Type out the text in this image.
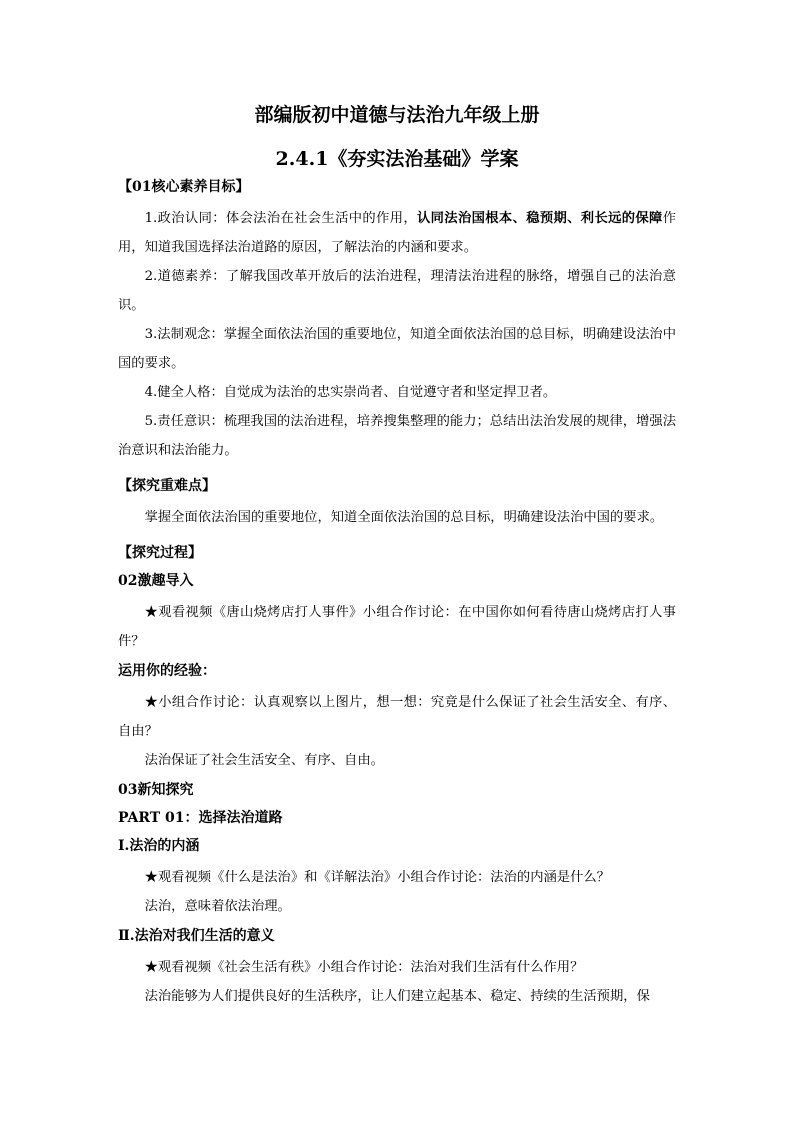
部编版初中道德与法治九年级上册

2.4.1《夯实法治基础》学案

【01核心素养目标】

1.政治认同：体会法治在社会生活中的作用，认同法治国根本、稳预期、利长远的保障作用，知道我国选择法治道路的原因，了解法治的内涵和要求。

2.道德素养：了解我国改革开放后的法治进程，理清法治进程的脉络，增强自己的法治意识。

3.法制观念：掌握全面依法治国的重要地位，知道全面依法治国的总目标，明确建设法治中国的要求。

4.健全人格：自觉成为法治的忠实崇尚者、自觉遵守者和坚定捍卫者。

5.责任意识：梳理我国的法治进程，培养搜集整理的能力；总结出法治发展的规律，增强法治意识和法治能力。

【探究重难点】

掌握全面依法治国的重要地位，知道全面依法治国的总目标，明确建设法治中国的要求。

【探究过程】

02激趣导入

★观看视频《唐山烧烤店打人事件》小组合作讨论：在中国你如何看待唐山烧烤店打人事件？

运用你的经验：

★小组合作讨论：认真观察以上图片，想一想：究竟是什么保证了社会生活安全、有序、自由？

法治保证了社会生活安全、有序、自由。

03新知探究

PART 01：选择法治道路

Ⅰ.法治的内涵

★观看视频《什么是法治》和《详解法治》小组合作讨论：法治的内涵是什么？

法治，意味着依法治理。

Ⅱ.法治对我们生活的意义

★观看视频《社会生活有秩》小组合作讨论：法治对我们生活有什么作用？

法治能够为人们提供良好的生活秩序，让人们建立起基本、稳定、持续的生活预期，保
